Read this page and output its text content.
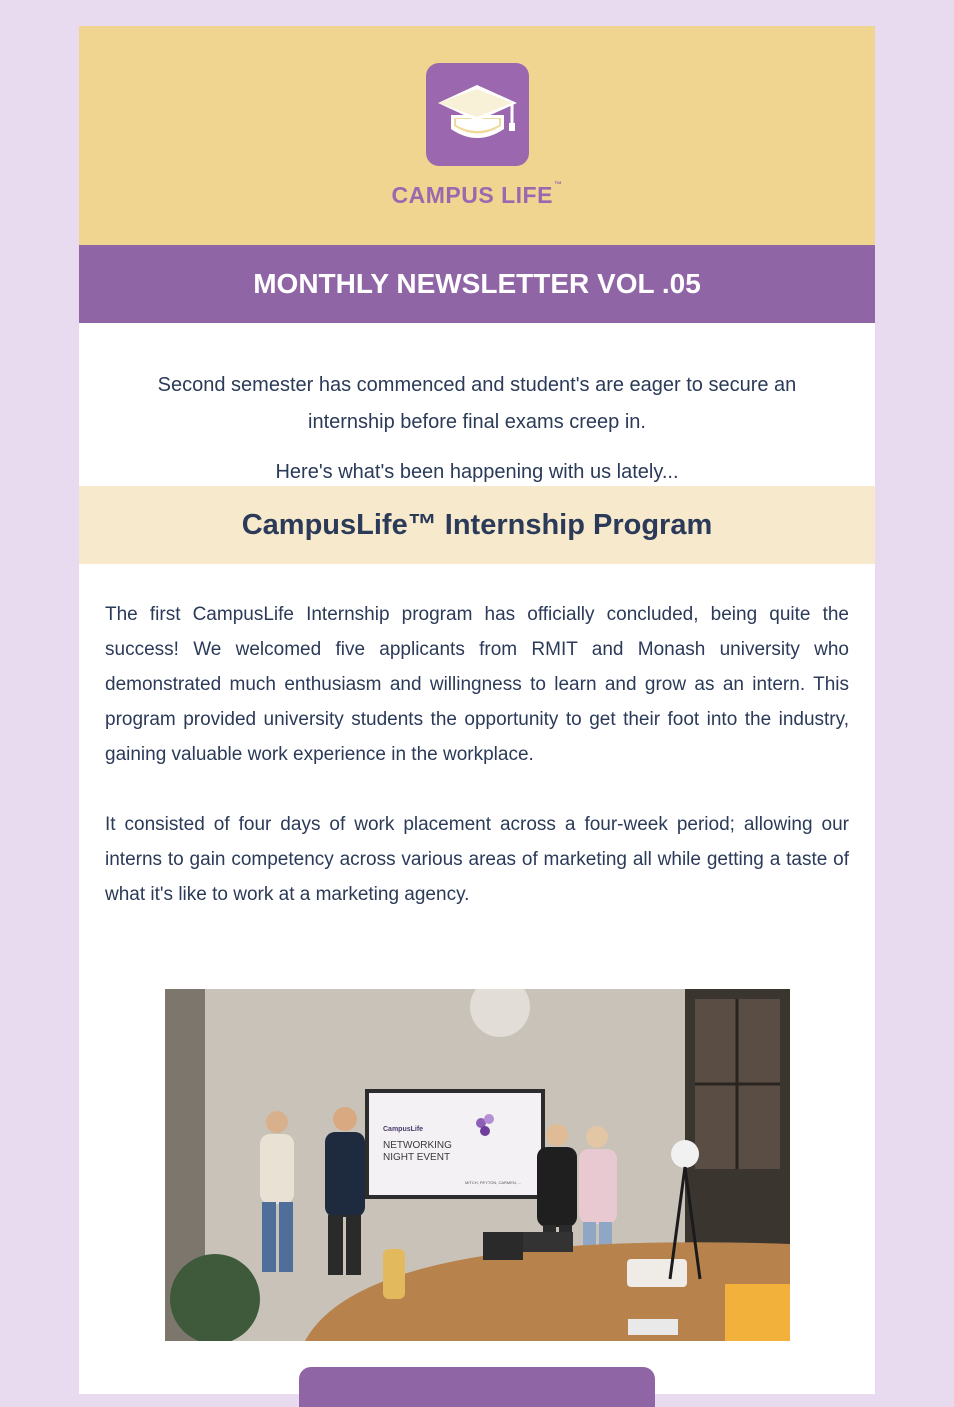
CAMPUS LIFE™
MONTHLY NEWSLETTER VOL .05

Second semester has commenced and student's are eager to secure an internship before final exams creep in.

Here's what's been happening with us lately...

CampusLife™ Internship Program

The first CampusLife Internship program has officially concluded, being quite the success! We welcomed five applicants from RMIT and Monash university who demonstrated much enthusiasm and willingness to learn and grow as an intern. This program provided university students the opportunity to get their foot into the industry, gaining valuable work experience in the workplace.

It consisted of four days of work placement across a four-week period; allowing our interns to gain competency across various areas of marketing all while getting a taste of what it's like to work at a marketing agency.

CampusLife
NETWORKING
NIGHT EVENT
MITCH, PEYTON, CARMEN, ...
